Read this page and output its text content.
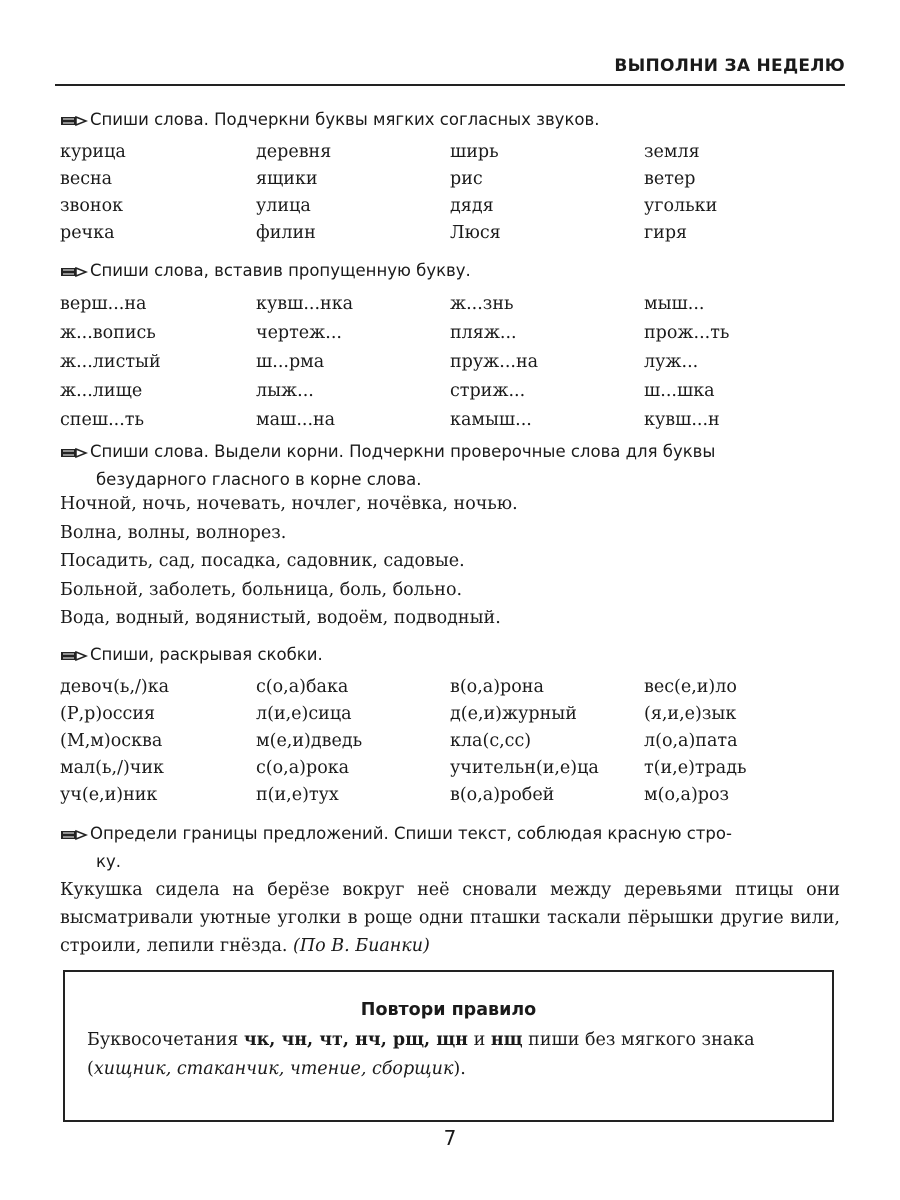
ВЫПОЛНИ ЗА НЕДЕЛЮ
Спиши слова. Подчеркни буквы мягких согласных звуков.
курица	деревня	ширь	земля
весна	ящики	рис	ветер
звонок	улица	дядя	угольки
речка	филин	Люся	гиря
Спиши слова, вставив пропущенную букву.
верш...на	кувш...нка	ж...знь	мыш...
ж...вопись	чертеж...	пляж...	прож...ть
ж...листый	ш...рма	пруж...на	луж...
ж...лище	лыж...	стриж...	ш...шка
спеш...ть	маш...на	камыш...	кувш...н
Спиши слова. Выдели корни. Подчеркни проверочные слова для буквы
безударного гласного в корне слова.
Ночной, ночь, ночевать, ночлег, ночёвка, ночью.
Волна, волны, волнорез.
Посадить, сад, посадка, садовник, садовые.
Больной, заболеть, больница, боль, больно.
Вода, водный, водянистый, водоём, подводный.
Спиши, раскрывая скобки.
девоч(ь,/)ка	с(о,а)бака	в(о,а)рона	вес(е,и)ло
(Р,р)оссия	л(и,е)сица	д(е,и)журный	(я,и,е)зык
(М,м)осква	м(е,и)дведь	кла(с,сс)	л(о,а)пата
мал(ь,/)чик	с(о,а)рока	учительн(и,е)ца	т(и,е)традь
уч(е,и)ник	п(и,е)тух	в(о,а)робей	м(о,а)роз
Определи границы предложений. Спиши текст, соблюдая красную стро-
ку.
Кукушка сидела на берёзе вокруг неё сновали между деревьями птицы они высматривали уютные уголки в роще одни пташки таскали пёрышки другие вили, строили, лепили гнёзда. (По В. Бианки)
Повтори правило
Буквосочетания чк, чн, чт, нч, рщ, щн и нщ пиши без мягкого знака (хищник, стаканчик, чтение, сборщик).
7
